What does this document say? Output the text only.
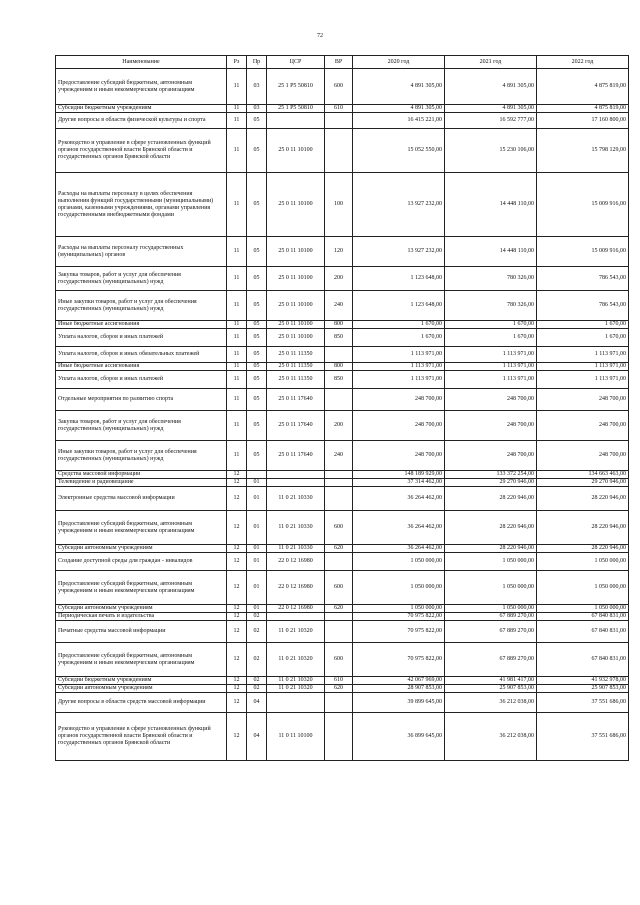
72
Наименование	Рз	Пр	ЦСР	ВР	2020 год	2021 год	2022 год
Предоставление субсидий бюджетным, автономным учреждениям и иным некоммерческим организациям	11	03	25 1 P5 50810	600	4 891 305,00	4 891 305,00	4 875 819,00
Субсидии бюджетным учреждениям	11	03	25 1 P5 50810	610	4 891 305,00	4 891 305,00	4 875 819,00
Другие вопросы в области физической культуры и спорта	11	05			16 415 221,00	16 592 777,00	17 160 800,00
Руководство и управление в сфере установленных функций органов государственной власти Брянской области и государственных органов Брянской области	11	05	25 0 11 10100		15 052 550,00	15 230 106,00	15 798 129,00
Расходы на выплаты персоналу в целях обеспечения выполнения функций государственными (муниципальными) органами, казенными учреждениями, органами управления государственными внебюджетными фондами	11	05	25 0 11 10100	100	13 927 232,00	14 448 110,00	15 009 916,00
Расходы на выплаты персоналу государственных (муниципальных) органов	11	05	25 0 11 10100	120	13 927 232,00	14 448 110,00	15 009 916,00
Закупка товаров, работ и услуг для обеспечения государственных (муниципальных) нужд	11	05	25 0 11 10100	200	1 123 648,00	780 326,00	786 543,00
Иные закупки товаров, работ и услуг для обеспечения государственных (муниципальных) нужд	11	05	25 0 11 10100	240	1 123 648,00	780 326,00	786 543,00
Иные бюджетные ассигнования	11	05	25 0 11 10100	800	1 670,00	1 670,00	1 670,00
Уплата налогов, сборов и иных платежей	11	05	25 0 11 10100	850	1 670,00	1 670,00	1 670,00
Уплата налогов, сборов и иных обязательных платежей	11	05	25 0 11 11350		1 113 971,00	1 113 971,00	1 113 971,00
Иные бюджетные ассигнования	11	05	25 0 11 11350	800	1 113 971,00	1 113 971,00	1 113 971,00
Уплата налогов, сборов и иных платежей	11	05	25 0 11 11350	850	1 113 971,00	1 113 971,00	1 113 971,00
Отдельные мероприятия по развитию спорта	11	05	25 0 11 17640		248 700,00	248 700,00	248 700,00
Закупка товаров, работ и услуг для обеспечения государственных (муниципальных) нужд	11	05	25 0 11 17640	200	248 700,00	248 700,00	248 700,00
Иные закупки товаров, работ и услуг для обеспечения государственных (муниципальных) нужд	11	05	25 0 11 17640	240	248 700,00	248 700,00	248 700,00
Средства массовой информации	12				148 189 929,00	133 372 254,00	134 663 463,00
Телевидение и радиовещание	12	01			37 314 462,00	29 270 946,00	29 270 946,00
Электронные средства массовой информации	12	01	11 0 21 10330		36 264 462,00	28 220 946,00	28 220 946,00
Предоставление субсидий бюджетным, автономным учреждениям и иным некоммерческим организациям	12	01	11 0 21 10330	600	36 264 462,00	28 220 946,00	28 220 946,00
Субсидии автономным учреждениям	12	01	11 0 21 10330	620	36 264 462,00	28 220 946,00	28 220 946,00
Создание доступной среды для граждан - инвалидов	12	01	22 0 12 16980		1 050 000,00	1 050 000,00	1 050 000,00
Предоставление субсидий бюджетным, автономным учреждениям и иным некоммерческим организациям	12	01	22 0 12 16980	600	1 050 000,00	1 050 000,00	1 050 000,00
Субсидии автономным учреждениям	12	01	22 0 12 16980	620	1 050 000,00	1 050 000,00	1 050 000,00
Периодическая печать и издательства	12	02			70 975 822,00	67 889 270,00	67 840 831,00
Печатные средства массовой информации	12	02	11 0 21 10320		70 975 822,00	67 889 270,00	67 840 831,00
Предоставление субсидий бюджетным, автономным учреждениям и иным некоммерческим организациям	12	02	11 0 21 10320	600	70 975 822,00	67 889 270,00	67 840 831,00
Субсидии бюджетным учреждениям	12	02	11 0 21 10320	610	42 067 969,00	41 981 417,00	41 932 978,00
Субсидии автономным учреждениям	12	02	11 0 21 10320	620	28 907 853,00	25 907 853,00	25 907 853,00
Другие вопросы в области средств массовой информации	12	04			39 899 645,00	36 212 038,00	37 551 686,00
Руководство и управление в сфере установленных функций органов государственной власти Брянской области и государственных органов Брянской области	12	04	11 0 11 10100		36 899 645,00	36 212 038,00	37 551 686,00
